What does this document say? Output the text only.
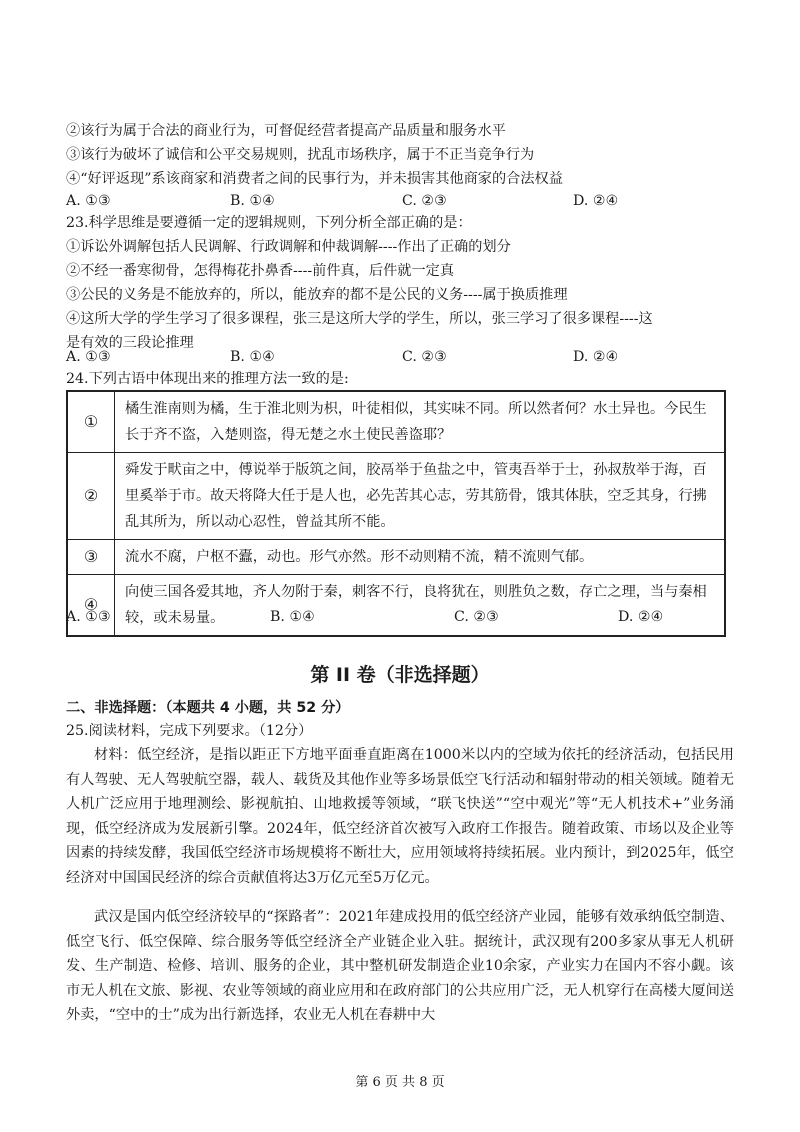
②该行为属于合法的商业行为，可督促经营者提高产品质量和服务水平
③该行为破坏了诚信和公平交易规则，扰乱市场秩序，属于不正当竞争行为
④“好评返现”系该商家和消费者之间的民事行为，并未损害其他商家的合法权益
A. ①③	B. ①④	C. ②③	D. ②④
23.科学思维是要遵循一定的逻辑规则，下列分析全部正确的是：
①诉讼外调解包括人民调解、行政调解和仲裁调解----作出了正确的划分
②不经一番寒彻骨，怎得梅花扑鼻香----前件真，后件就一定真
③公民的义务是不能放弃的，所以，能放弃的都不是公民的义务----属于换质推理
④这所大学的学生学习了很多课程，张三是这所大学的学生，所以，张三学习了很多课程----这
是有效的三段论推理
A. ①③	B. ①④	C. ②③	D. ②④
24.下列古语中体现出来的推理方法一致的是:
①	橘生淮南则为橘，生于淮北则为枳，叶徒相似，其实味不同。所以然者何？水土异也。今民生长于齐不盗，入楚则盗，得无楚之水土使民善盗耶？
②	舜发于畎亩之中，傅说举于版筑之间，胶鬲举于鱼盐之中，管夷吾举于士，孙叔敖举于海，百里奚举于市。故天将降大任于是人也，必先苦其心志，劳其筋骨，饿其体肤，空乏其身，行拂乱其所为，所以动心忍性，曾益其所不能。
③	流水不腐，户枢不蠹，动也。形气亦然。形不动则精不流，精不流则气郁。
④	向使三国各爱其地，齐人勿附于秦，刺客不行，良将犹在，则胜负之数，存亡之理，当与秦相较，或未易量。
A. ①③	B. ①④	C. ②③	D. ②④
第 II 卷（非选择题）
二、非选择题：（本题共 4 小题，共 52 分）
25.阅读材料，完成下列要求。（12分）

材料：低空经济，是指以距正下方地平面垂直距离在1000米以内的空域为依托的经济活动，包括民用有人驾驶、无人驾驶航空器，载人、载货及其他作业等多场景低空飞行活动和辐射带动的相关领域。随着无人机广泛应用于地理测绘、影视航拍、山地救援等领域，“联飞快送”“空中观光”等“无人机技术+”业务涌现，低空经济成为发展新引擎。2024年，低空经济首次被写入政府工作报告。随着政策、市场以及企业等因素的持续发酵，我国低空经济市场规模将不断壮大，应用领域将持续拓展。业内预计，到2025年，低空经济对中国国民经济的综合贡献值将达3万亿元至5万亿元。

武汉是国内低空经济较早的“探路者”：2021年建成投用的低空经济产业园，能够有效承纳低空制造、低空飞行、低空保障、综合服务等低空经济全产业链企业入驻。据统计，武汉现有200多家从事无人机研发、生产制造、检修、培训、服务的企业，其中整机研发制造企业10余家，产业实力在国内不容小觑。该市无人机在文旅、影视、农业等领域的商业应用和在政府部门的公共应用广泛，无人机穿行在高楼大厦间送外卖，“空中的士”成为出行新选择，农业无人机在春耕中大

第 6 页 共 8 页
